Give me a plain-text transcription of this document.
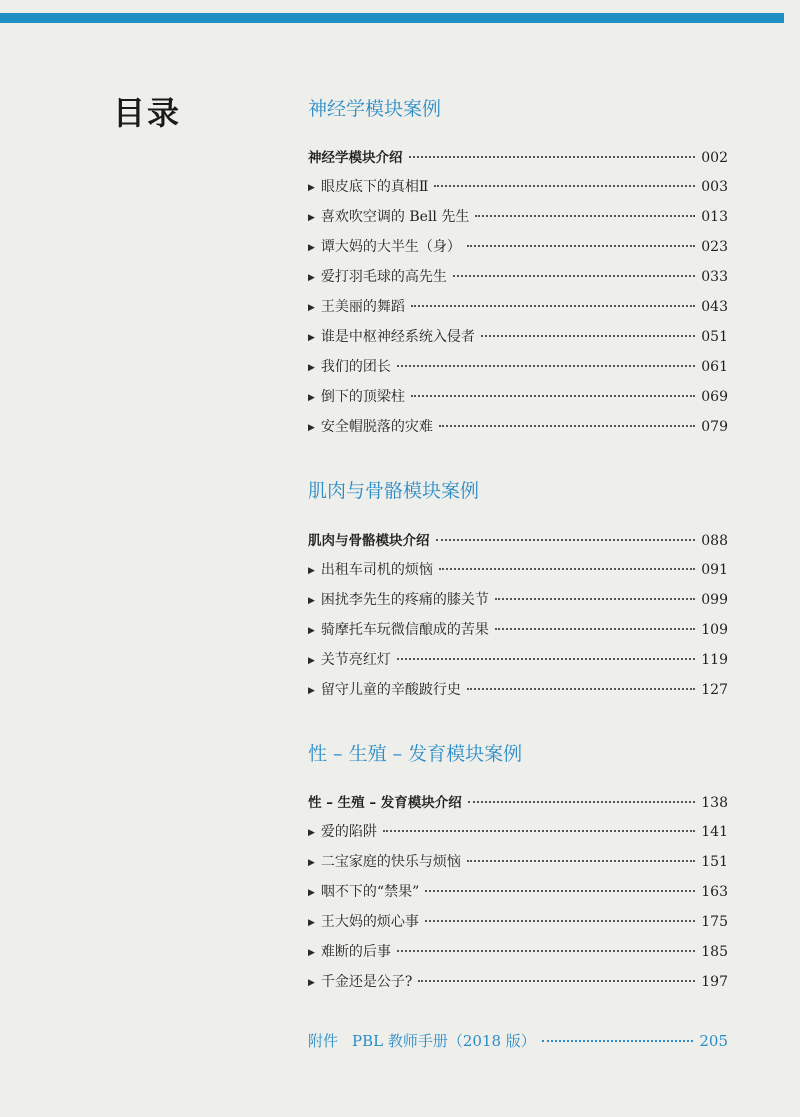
目录	神经学模块案例
神经学模块介绍	002
▶ 眼皮底下的真相Ⅱ	003
▶ 喜欢吹空调的 Bell 先生	013
▶ 谭大妈的大半生（身）	023
▶ 爱打羽毛球的高先生	033
▶ 王美丽的舞蹈	043
▶ 谁是中枢神经系统入侵者	051
▶ 我们的团长	061
▶ 倒下的顶梁柱	069
▶ 安全帽脱落的灾难	079
肌肉与骨骼模块案例
肌肉与骨骼模块介绍	088
▶ 出租车司机的烦恼	091
▶ 困扰李先生的疼痛的膝关节	099
▶ 骑摩托车玩微信酿成的苦果	109
▶ 关节亮红灯	119
▶ 留守儿童的辛酸跛行史	127
性 – 生殖 – 发育模块案例
性 – 生殖 – 发育模块介绍	138
▶ 爱的陷阱	141
▶ 二宝家庭的快乐与烦恼	151
▶ 咽不下的“禁果”	163
▶ 王大妈的烦心事	175
▶ 难断的后事	185
▶ 千金还是公子?	197
附件 PBL 教师手册（2018 版）	205
